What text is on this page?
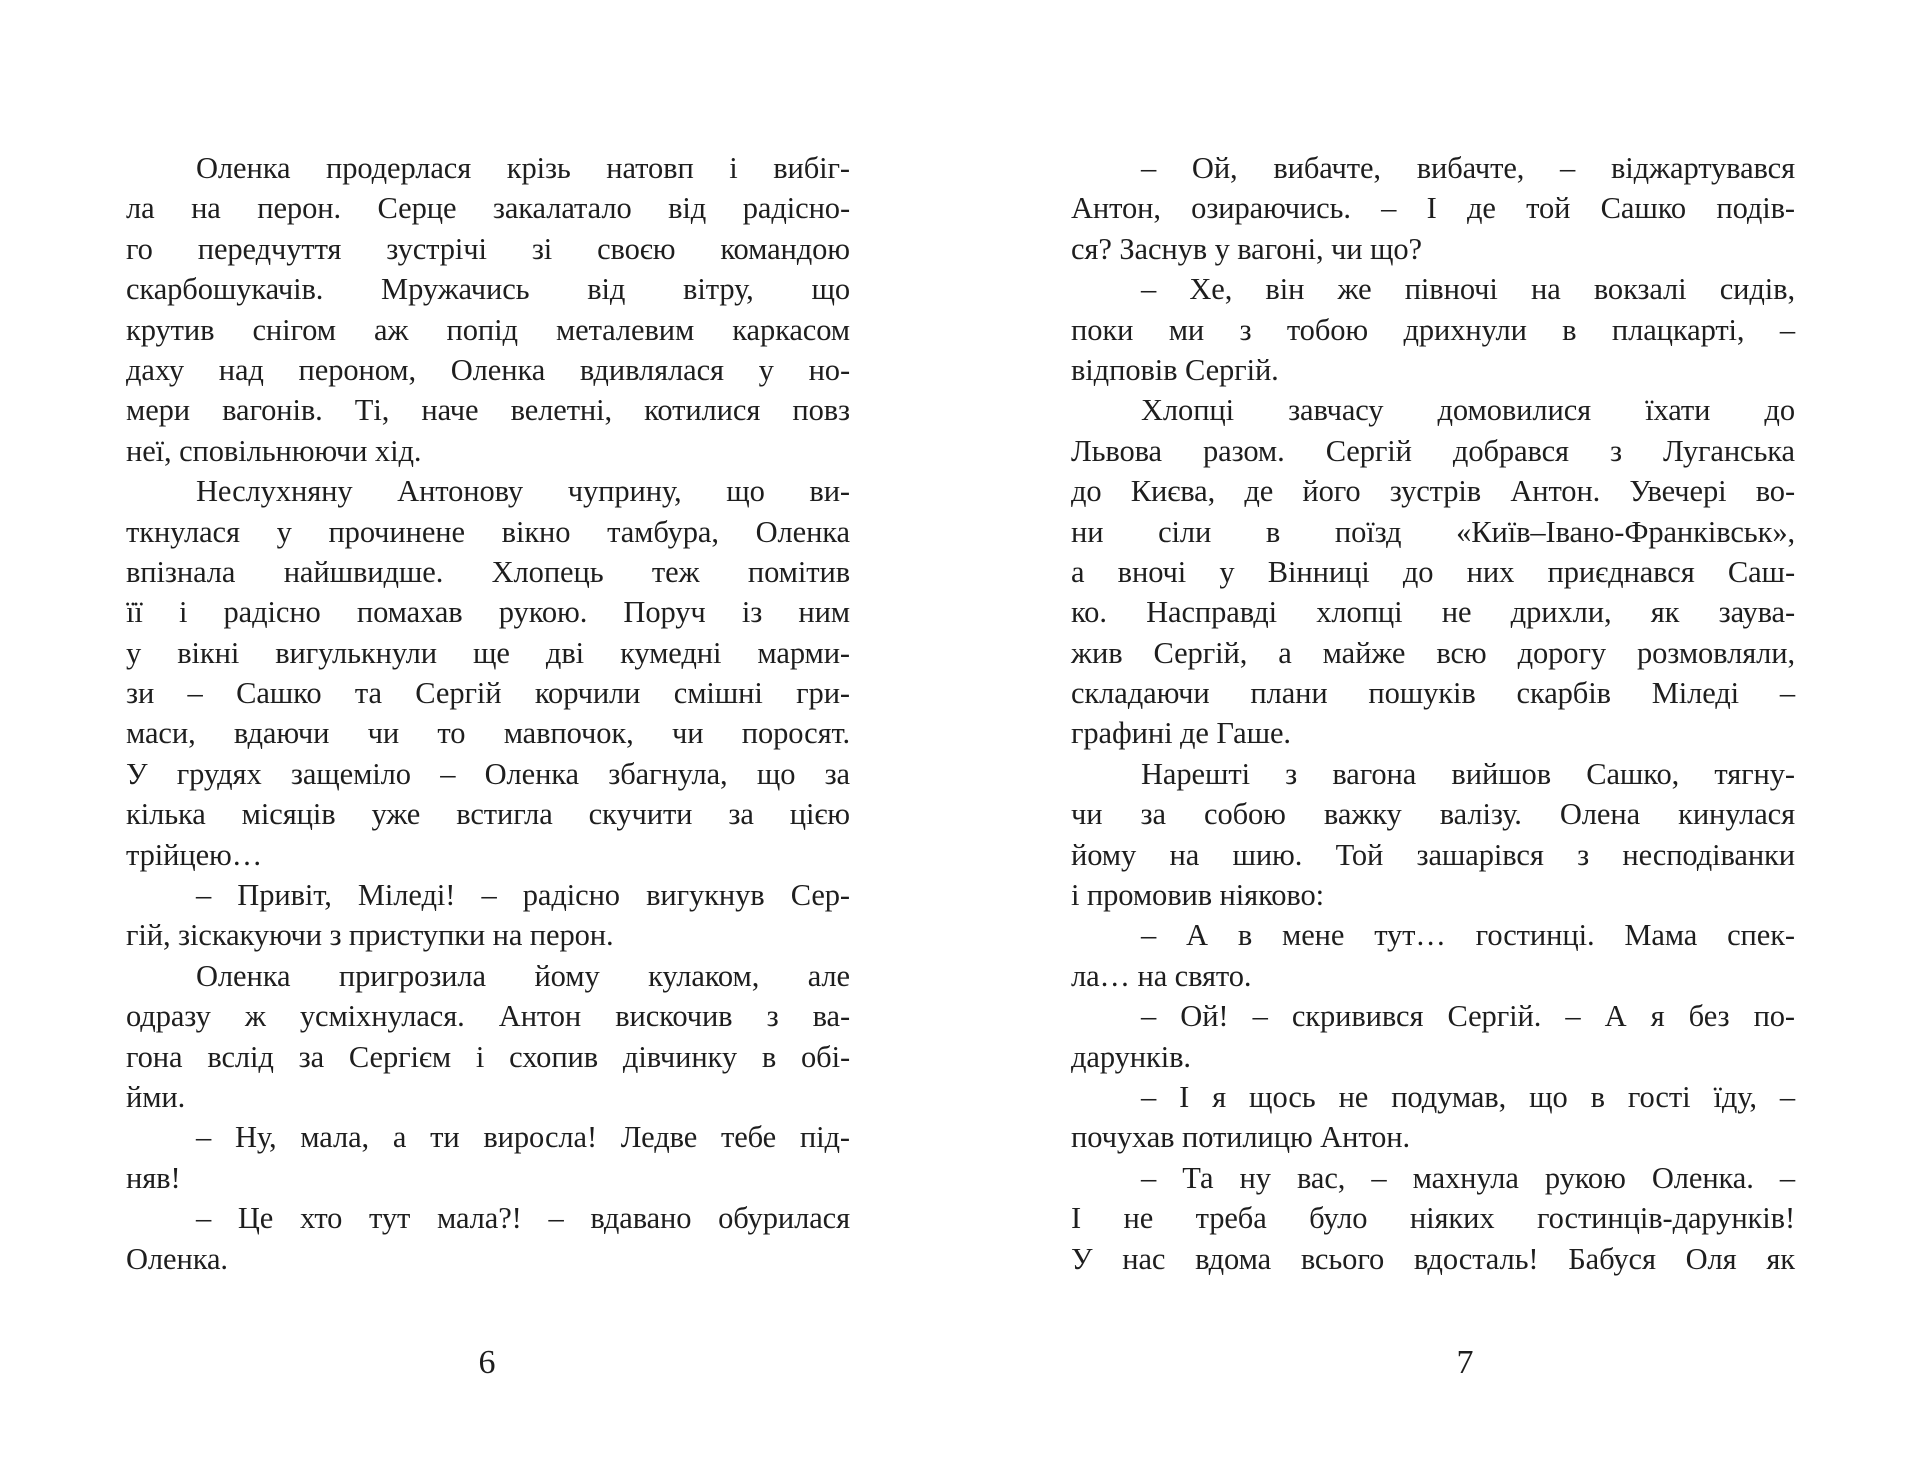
Оленка продерлася крізь натовп і вибіг-
ла на перон. Серце закалатало від радісно-
го передчуття зустрічі зі своєю командою
скарбошукачів. Мружачись від вітру, що
крутив снігом аж попід металевим каркасом
даху над пероном, Оленка вдивлялася у но-
мери вагонів. Ті, наче велетні, котилися повз
неї, сповільнюючи хід.
Неслухняну Антонову чуприну, що ви-
ткнулася у прочинене вікно тамбура, Оленка
впізнала найшвидше. Хлопець теж помітив
її і радісно помахав рукою. Поруч із ним
у вікні вигулькнули ще дві кумедні марми-
зи – Сашко та Сергій корчили смішні гри-
маси, вдаючи чи то мавпочок, чи поросят.
У грудях защеміло – Оленка збагнула, що за
кілька місяців уже встигла скучити за цією
трійцею…
– Привіт, Міледі! – радісно вигукнув Сер-
гій, зіскакуючи з приступки на перон.
Оленка пригрозила йому кулаком, але
одразу ж усміхнулася. Антон вискочив з ва-
гона вслід за Сергієм і схопив дівчинку в обі-
йми.
– Ну, мала, а ти виросла! Ледве тебе під-
няв!
– Це хто тут мала?! – вдавано обурилася
Оленка.
6
– Ой, вибачте, вибачте, – віджартувався
Антон, озираючись. – І де той Сашко подів-
ся? Заснув у вагоні, чи що?
– Хе, він же півночі на вокзалі сидів,
поки ми з тобою дрихнули в плацкарті, –
відповів Сергій.
Хлопці завчасу домовилися їхати до
Львова разом. Сергій добрався з Луганська
до Києва, де його зустрів Антон. Увечері во-
ни сіли в поїзд «Київ–Івано-Франківськ»,
а вночі у Вінниці до них приєднався Саш-
ко. Насправді хлопці не дрихли, як заува-
жив Сергій, а майже всю дорогу розмовляли,
складаючи плани пошуків скарбів Міледі –
графині де Гаше.
Нарешті з вагона вийшов Сашко, тягну-
чи за собою важку валізу. Олена кинулася
йому на шию. Той зашарівся з несподіванки
і промовив ніяково:
– А в мене тут… гостинці. Мама спек-
ла… на свято.
– Ой! – скривився Сергій. – А я без по-
дарунків.
– І я щось не подумав, що в гості їду, –
почухав потилицю Антон.
– Та ну вас, – махнула рукою Оленка. –
І не треба було ніяких гостинців-дарунків!
У нас вдома всього вдосталь! Бабуся Оля як
7
